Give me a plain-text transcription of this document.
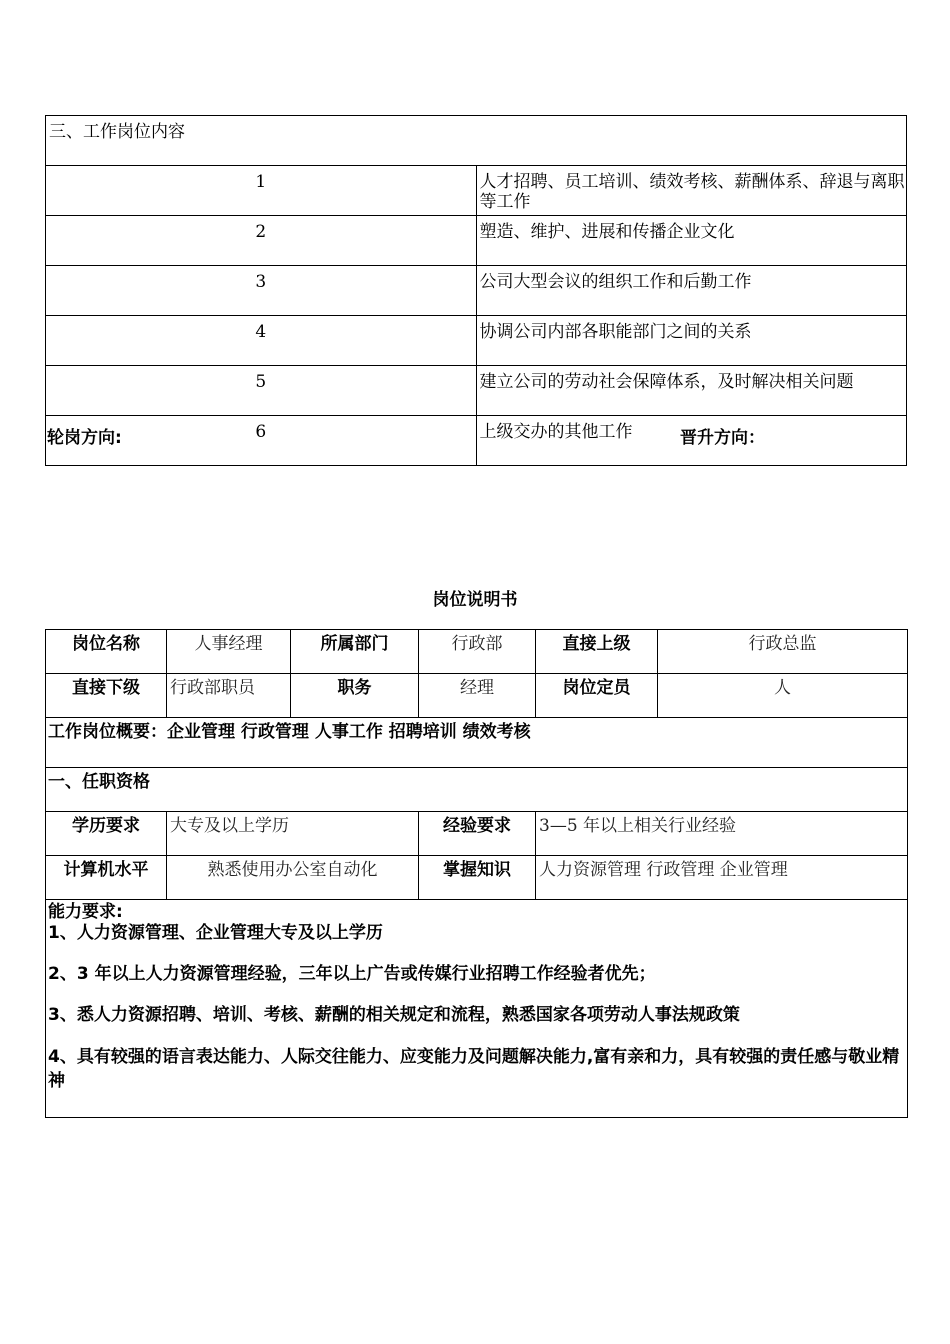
三、工作岗位内容	
1	人才招聘、员工培训、绩效考核、薪酬体系、辞退与离职等工作
2	塑造、维护、进展和传播企业文化
3	公司大型会议的组织工作和后勤工作
4	协调公司内部各职能部门之间的关系
5	建立公司的劳动社会保障体系，及时解决相关问题
6	上级交办的其他工作
轮岗方向:	晋升方向：
岗位说明书
岗位名称	人事经理	所属部门	行政部	直接上级	行政总监
直接下级	行政部职员	职务	经理	岗位定员	人
工作岗位概要：企业管理 行政管理 人事工作 招聘培训 绩效考核					
一、任职资格					
学历要求	大专及以上学历		经验要求	3—5 年以上相关行业经验	
计算机水平	熟悉使用办公室自动化		掌握知识	人力资源管理 行政管理 企业管理	

能力要求:
1、人力资源管理、企业管理大专及以上学历
2、3 年以上人力资源管理经验，三年以上广告或传媒行业招聘工作经验者优先；
3、悉人力资源招聘、培训、考核、薪酬的相关规定和流程，熟悉国家各项劳动人事法规政策
4、具有较强的语言表达能力、人际交往能力、应变能力及问题解决能力,富有亲和力，具有较强的责任感与敬业精神					
